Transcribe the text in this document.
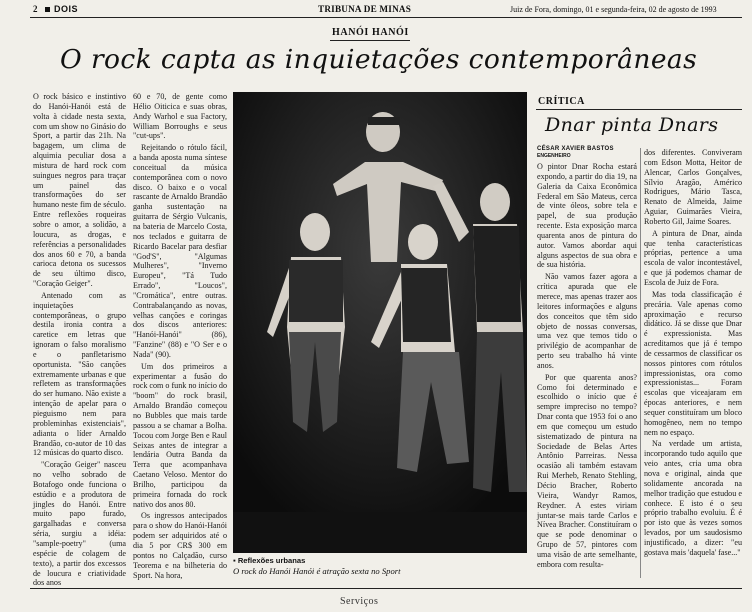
2 DOIS	TRIBUNA DE MINAS	Juiz de Fora, domingo, 01 e segunda-feira, 02 de agosto de 1993
HANÓI HANÓI
O rock capta as inquietações contemporâneas

O rock básico e instintivo do Hanói-Hanói está de volta à cidade nesta sexta, com um show no Ginásio do Sport, a partir das 21h. Na bagagem, um clima de alquimia peculiar dosa a mistura de hard rock com suingues negros para traçar um painel das transformações do ser humano neste fim de século. Entre reflexões roqueiras sobre o amor, a solidão, a loucura, as drogas, e referências a personalidades dos anos 60 e 70, a banda carioca detona os sucessos de seu último disco, "Coração Geiger".

Antenado com as inquietações contemporâneas, o grupo destila ironia contra a caretice em letras que ignoram o falso moralismo e o panfletarismo oportunista. "São canções extremamente urbanas e que refletem as transformações do ser humano. Não existe a intenção de apelar para o pieguismo nem para probleminhas existenciais", adianta o líder Arnaldo Brandão, co-autor de 10 das 12 músicas do quarto disco.

"Coração Geiger" nasceu no velho sobrado de Botafogo onde funciona o estúdio e a produtora de jingles do Hanói. Entre muito papo furado, gargalhadas e conversa séria, surgiu a idéia: "sample-poetry" (uma espécie de colagem de texto), a partir dos excessos de loucura e criatividade dos anos

60 e 70, de gente como Hélio Oiticica e suas obras, Andy Warhol e sua Factory, William Borroughs e seus "cut-ups".

Rejeitando o rótulo fácil, a banda aposta numa síntese conceitual da música contemporânea com o novo disco. O baixo e o vocal rascante de Arnaldo Brandão ganha sustentação na guitarra de Sérgio Vulcanis, na bateria de Marcelo Costa, nos teclados e guitarra de Ricardo Bacelar para desfiar "God'S", "Algumas Mulheres", "Inverno Europeu", "Tá Tudo Errado", "Loucos", "Cromática", entre outras. Contrabalançando as novas, velhas canções e coringas dos discos anteriores: "Hanói-Hanói" (86), "Fanzine" (88) e "O Ser e o Nada" (90).

Um dos primeiros a experimentar a fusão do rock com o funk no início do "boom" do rock brasil, Arnaldo Brandão começou no Bubbles que mais tarde passou a se chamar a Bolha. Tocou com Jorge Ben e Raul Seixas antes de integrar a lendária Outra Banda da Terra que acompanhava Caetano Veloso. Mentor do Brilho, participou da primeira fornada do rock nativo dos anos 80.

Os ingressos antecipados para o show do Hanói-Hanói podem ser adquiridos até o dia 5 por CR$ 300 em pontos no Calçadão, curso Teorema e na bilheteria do Sport. Na hora,

▪ Reflexões urbanas
O rock do Hanói Hanói é atração sexta no Sport
CRÍTICA
Dnar pinta Dnars
CÉSAR XAVIER BASTOS
ENGENHEIRO

O pintor Dnar Rocha estará expondo, a partir do dia 19, na Galeria da Caixa Econômica Federal em São Mateus, cerca de vinte óleos, sobre tela e papel, de sua produção recente. Esta exposição marca quarenta anos de pintura do autor. Vamos abordar aqui alguns aspectos de sua obra e de sua história.

Não vamos fazer agora a crítica apurada que ele merece, mas apenas trazer aos leitores informações e alguns dos conceitos que têm sido objeto de nossas conversas, uma vez que temos tido o privilégio de acompanhar de perto seu trabalho há vinte anos.

Por que quarenta anos? Como foi determinado e escolhido o início que é sempre impreciso no tempo? Dnar conta que 1953 foi o ano em que começou um estudo sistematizado de pintura na Sociedade de Belas Artes Antônio Parreiras. Nessa ocasião ali também estavam Rui Merheb, Renato Stehling, Décio Bracher, Roberto Vieira, Wandyr Ramos, Reydner. A estes viriam juntar-se mais tarde Carlos e Nívea Bracher. Constituíram o que se pode denominar o Grupo de 57, pintores com uma visão de arte semelhante, embora com resulta-

dos diferentes. Conviveram com Edson Motta, Heitor de Alencar, Carlos Gonçalves, Sílvio Aragão, Américo Rodrigues, Mário Tasca, Renato de Almeida, Jaime Aguiar, Guimarães Vieira, Roberto Gil, Jaime Soares.

A pintura de Dnar, ainda que tenha características próprias, pertence a uma escola de valor incontestável, e que já podemos chamar de Escola de Juiz de Fora.

Mas toda classificação é precária. Vale apenas como aproximação e recurso didático. Já se disse que Dnar é expressionista. Mas acreditamos que já é tempo de cessarmos de classificar os nossos pintores com rótulos impressionistas, ora como expressionistas... Foram escolas que viceajaram em épocas anteriores, e nem sequer constituíram um bloco homogêneo, nem no tempo nem no espaço.

Na verdade um artista, incorporando tudo aquilo que veio antes, cria uma obra nova e original, ainda que solidamente ancorada na melhor tradição que estudou e conhece. E isto é o seu próprio trabalho evoluiu. É é por isto que às vezes somos levados, por um saudosismo injustificado, a dizer: "eu gostava mais 'daquela' fase..."

Serviços
